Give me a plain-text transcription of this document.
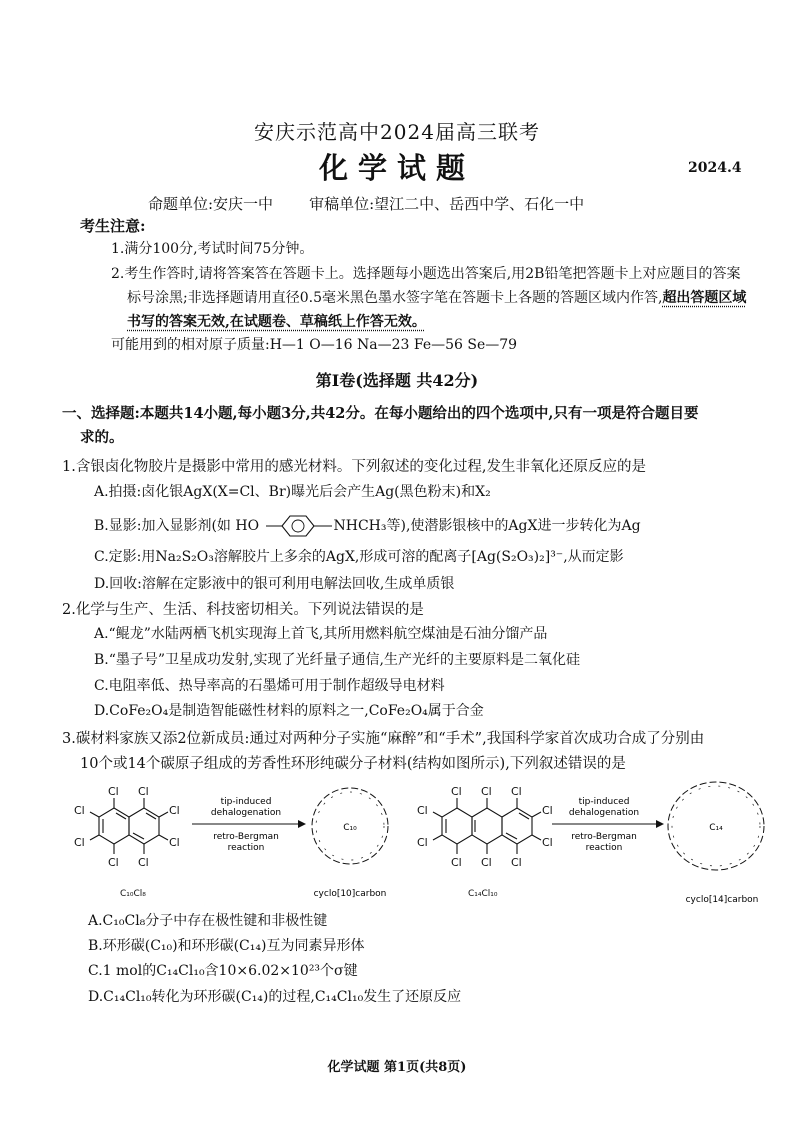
安庆示范高中2024届高三联考
化学试题	2024.4
命题单位:安庆一中 审稿单位:望江二中、岳西中学、石化一中
考生注意:
1.满分100分,考试时间75分钟。
2.考生作答时,请将答案答在答题卡上。选择题每小题选出答案后,用2B铅笔把答题卡上对应题目的答案
标号涂黑;非选择题请用直径0.5毫米黑色墨水签字笔在答题卡上各题的答题区域内作答,超出答题区域
书写的答案无效,在试题卷、草稿纸上作答无效。
可能用到的相对原子质量:H—1 O—16 Na—23 Fe—56 Se—79
第Ⅰ卷(选择题 共42分)
一、选择题:本题共14小题,每小题3分,共42分。在每小题给出的四个选项中,只有一项是符合题目要
求的。
1.含银卤化物胶片是摄影中常用的感光材料。下列叙述的变化过程,发生非氧化还原反应的是
A.拍摄:卤化银AgX(X=Cl、Br)曝光后会产生Ag(黑色粉末)和X₂
B.显影:加入显影剂(如 HO	NHCH₃等),使潜影银核中的AgX进一步转化为Ag
C.定影:用Na₂S₂O₃溶解胶片上多余的AgX,形成可溶的配离子[Ag(S₂O₃)₂]³⁻,从而定影
D.回收:溶解在定影液中的银可利用电解法回收,生成单质银
2.化学与生产、生活、科技密切相关。下列说法错误的是
A.“鲲龙”水陆两栖飞机实现海上首飞,其所用燃料航空煤油是石油分馏产品
B.“墨子号”卫星成功发射,实现了光纤量子通信,生产光纤的主要原料是二氧化硅
C.电阻率低、热导率高的石墨烯可用于制作超级导电材料
D.CoFe₂O₄是制造智能磁性材料的原料之一,CoFe₂O₄属于合金
3.碳材料家族又添2位新成员:通过对两种分子实施“麻醉”和“手术”,我国科学家首次成功合成了分别由
10个或14个碳原子组成的芳香性环形纯碳分子材料(结构如图所示),下列叙述错误的是
Cl Cl
Cl
Cl
Cl
Cl
Cl Cl
C₁₀Cl₈
tip-induced
dehalogenation
retro-Bergman
reaction
C₁₀
cyclo[10]carbon
Cl Cl Cl
Cl
Cl
Cl
Cl
Cl Cl Cl
C₁₄Cl₁₀
tip-induced
dehalogenation
retro-Bergman
reaction
C₁₄
cyclo[14]carbon
A.C₁₀Cl₈分子中存在极性键和非极性键
B.环形碳(C₁₀)和环形碳(C₁₄)互为同素异形体
C.1 mol的C₁₄Cl₁₀含10×6.02×10²³个σ键
D.C₁₄Cl₁₀转化为环形碳(C₁₄)的过程,C₁₄Cl₁₀发生了还原反应
化学试题 第1页(共8页)
